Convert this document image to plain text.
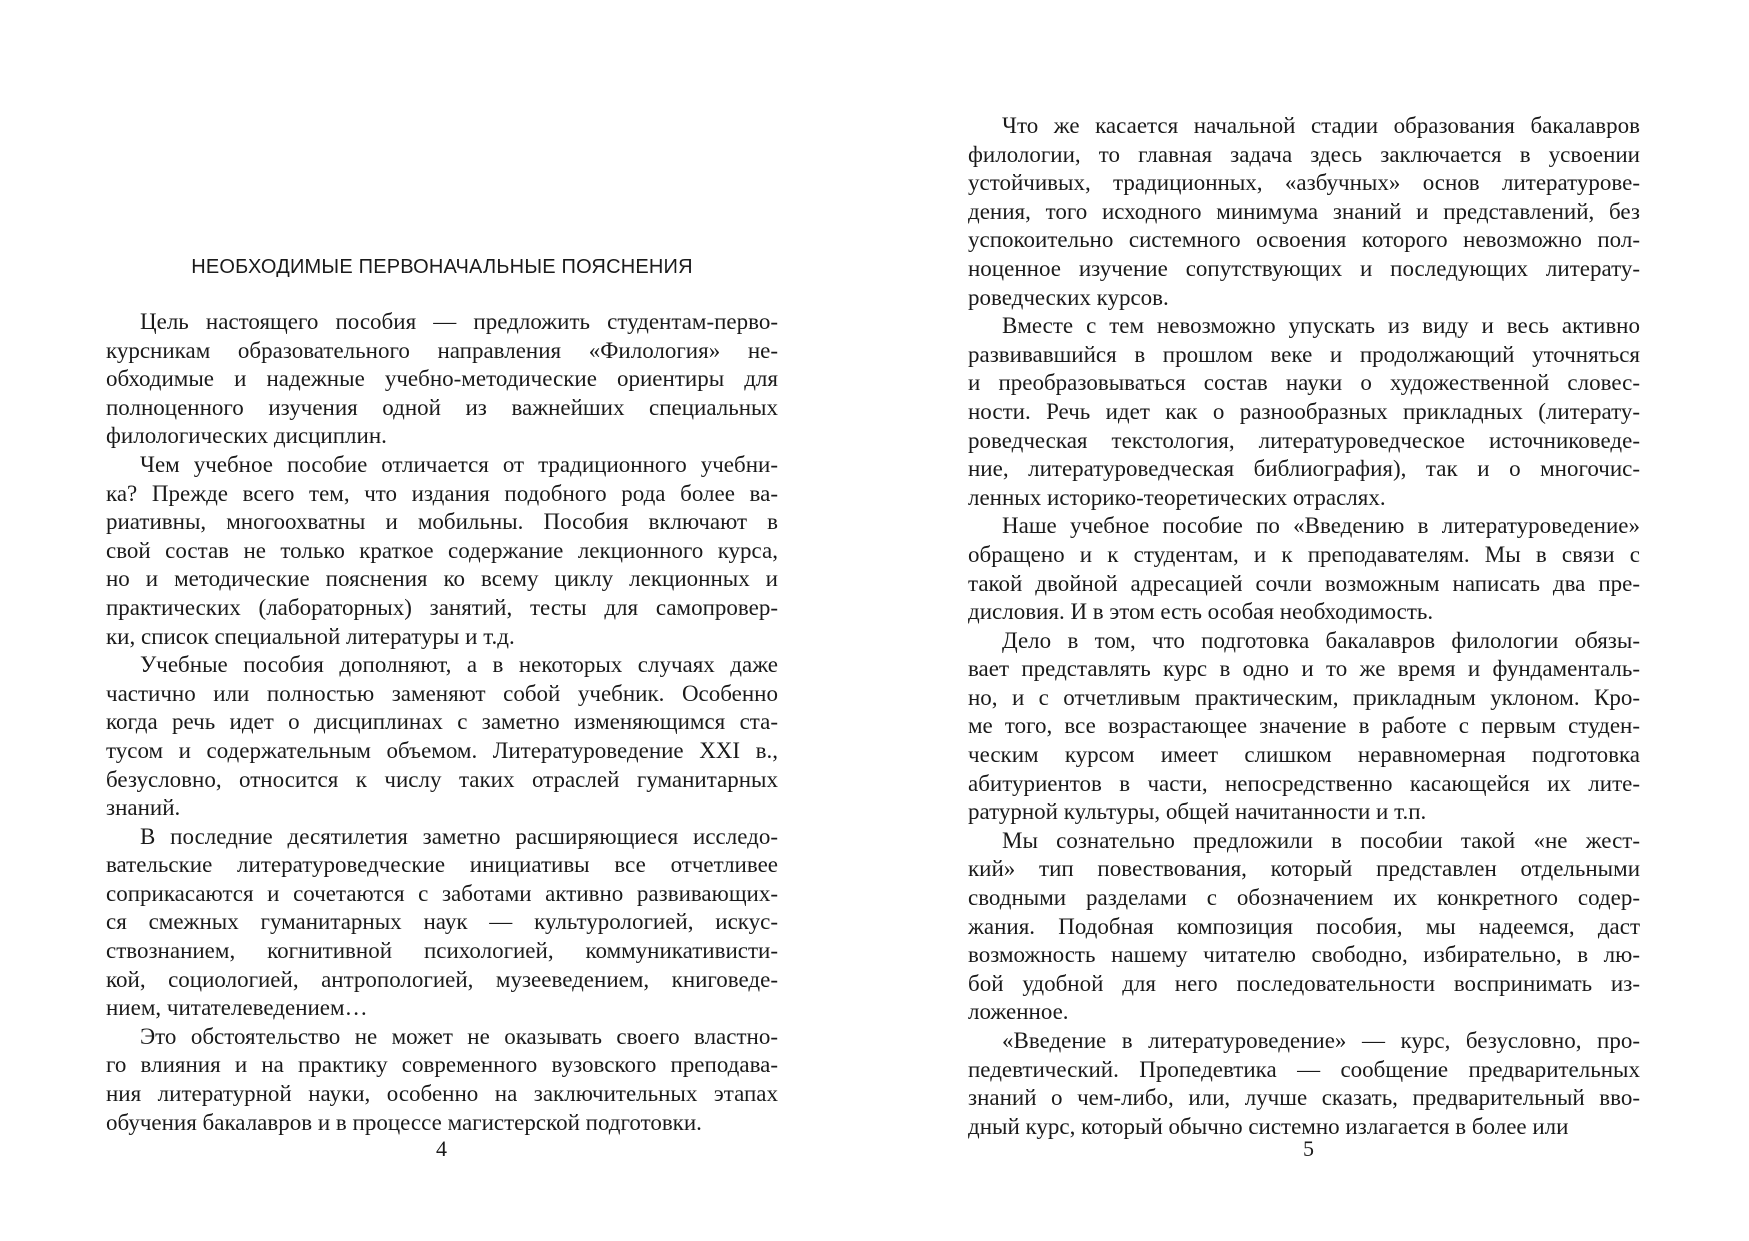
НЕОБХОДИМЫЕ ПЕРВОНАЧАЛЬНЫЕ ПОЯСНЕНИЯ
Цель настоящего пособия — предложить студентам-перво-
курсникам образовательного направления «Филология» не-
обходимые и надежные учебно-методические ориентиры для
полноценного изучения одной из важнейших специальных
филологических дисциплин.
Чем учебное пособие отличается от традиционного учебни-
ка? Прежде всего тем, что издания подобного рода более ва-
риативны, многоохватны и мобильны. Пособия включают в
свой состав не только краткое содержание лекционного курса,
но и методические пояснения ко всему циклу лекционных и
практических (лабораторных) занятий, тесты для самопровер-
ки, список специальной литературы и т.д.
Учебные пособия дополняют, а в некоторых случаях даже
частично или полностью заменяют собой учебник. Особенно
когда речь идет о дисциплинах с заметно изменяющимся ста-
тусом и содержательным объемом. Литературоведение XXI в.,
безусловно, относится к числу таких отраслей гуманитарных
знаний.
В последние десятилетия заметно расширяющиеся исследо-
вательские литературоведческие инициативы все отчетливее
соприкасаются и сочетаются с заботами активно развивающих-
ся смежных гуманитарных наук — культурологией, искус-
ствознанием, когнитивной психологией, коммуникативисти-
кой, социологией, антропологией, музееведением, книговеде-
нием, читателеведением…
Это обстоятельство не может не оказывать своего властно-
го влияния и на практику современного вузовского преподава-
ния литературной науки, особенно на заключительных этапах
обучения бакалавров и в процессе магистерской подготовки.
4
Что же касается начальной стадии образования бакалавров
филологии, то главная задача здесь заключается в усвоении
устойчивых, традиционных, «азбучных» основ литературове-
дения, того исходного минимума знаний и представлений, без
успокоительно системного освоения которого невозможно пол-
ноценное изучение сопутствующих и последующих литерату-
роведческих курсов.
Вместе с тем невозможно упускать из виду и весь активно
развивавшийся в прошлом веке и продолжающий уточняться
и преобразовываться состав науки о художественной словес-
ности. Речь идет как о разнообразных прикладных (литерату-
роведческая текстология, литературоведческое источниковеде-
ние, литературоведческая библиография), так и о многочис-
ленных историко-теоретических отраслях.
Наше учебное пособие по «Введению в литературоведение»
обращено и к студентам, и к преподавателям. Мы в связи с
такой двойной адресацией сочли возможным написать два пре-
дисловия. И в этом есть особая необходимость.
Дело в том, что подготовка бакалавров филологии обязы-
вает представлять курс в одно и то же время и фундаменталь-
но, и с отчетливым практическим, прикладным уклоном. Кро-
ме того, все возрастающее значение в работе с первым студен-
ческим курсом имеет слишком неравномерная подготовка
абитуриентов в части, непосредственно касающейся их лите-
ратурной культуры, общей начитанности и т.п.
Мы сознательно предложили в пособии такой «не жест-
кий» тип повествования, который представлен отдельными
сводными разделами с обозначением их конкретного содер-
жания. Подобная композиция пособия, мы надеемся, даст
возможность нашему читателю свободно, избирательно, в лю-
бой удобной для него последовательности воспринимать из-
ложенное.
«Введение в литературоведение» — курс, безусловно, про-
педевтический. Пропедевтика — сообщение предварительных
знаний о чем-либо, или, лучше сказать, предварительный вво-
дный курс, который обычно системно излагается в более или
5
